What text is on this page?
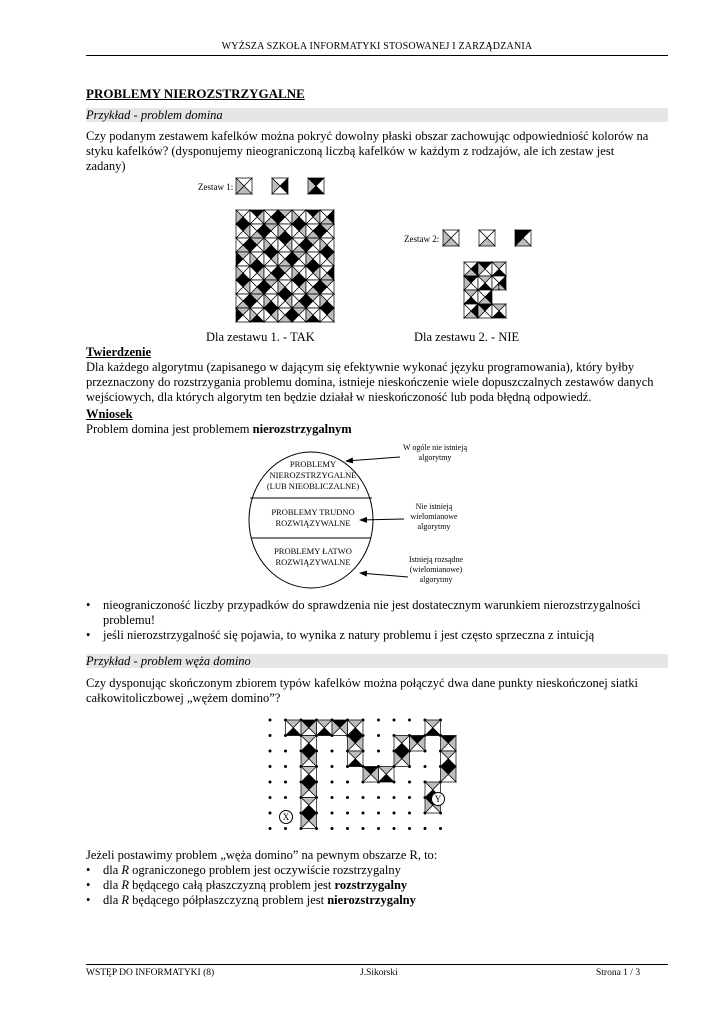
WYŻSZA SZKOŁA INFORMATYKI STOSOWANEJ I ZARZĄDZANIA
PROBLEMY NIEROZSTRZYGALNE
Przykład - problem domina
Czy podanym zestawem kafelków można pokryć dowolny płaski obszar zachowując odpowiedniość kolorów na styku kafelków? (dysponujemy nieograniczoną liczbą kafelków w każdym z rodzajów, ale ich zestaw jest zadany)
Zestaw 1:
Zestaw 2:
!
Dla zestawu 1. - TAK	Dla zestawu 2. - NIE
Twierdzenie
Dla każdego algorytmu (zapisanego w dającym się efektywnie wykonać języku programowania), który byłby przeznaczony do rozstrzygania problemu domina, istnieje nieskończenie wiele dopuszczalnych zestawów danych wejściowych, dla których algorytm ten będzie działał w nieskończoność lub poda błędną odpowiedź.
Wniosek
Problem domina jest problemem nierozstrzygalnym
PROBLEMY
NIEROZSTRZYGALNE
(LUB NIEOBLICZALNE)
PROBLEMY TRUDNO
ROZWIĄZYWALNE
PROBLEMY ŁATWO
ROZWIĄZYWALNE
W ogóle nie istnieją
algorytmy
Nie istnieją
wielomianowe
algorytmy
Istnieją rozsądne
(wielomianowe)
algorytmy
• nieograniczoność liczby przypadków do sprawdzenia nie jest dostatecznym warunkiem nierozstrzygalności problemu!
• jeśli nierozstrzygalność się pojawia, to wynika z natury problemu i jest często sprzeczna z intuicją
Przykład - problem węża domino
Czy dysponując skończonym zbiorem typów kafelków można połączyć dwa dane punkty nieskończonej siatki całkowitoliczbowej „wężem domino”?
X
Y
Jeżeli postawimy problem „węża domino” na pewnym obszarze R, to:
• dla R ograniczonego problem jest oczywiście rozstrzygalny
• dla R będącego całą płaszczyzną problem jest rozstrzygalny
• dla R będącego półpłaszczyzną problem jest nierozstrzygalny
WSTĘP DO INFORMATYKI (8)	J.Sikorski	Strona 1 / 3
